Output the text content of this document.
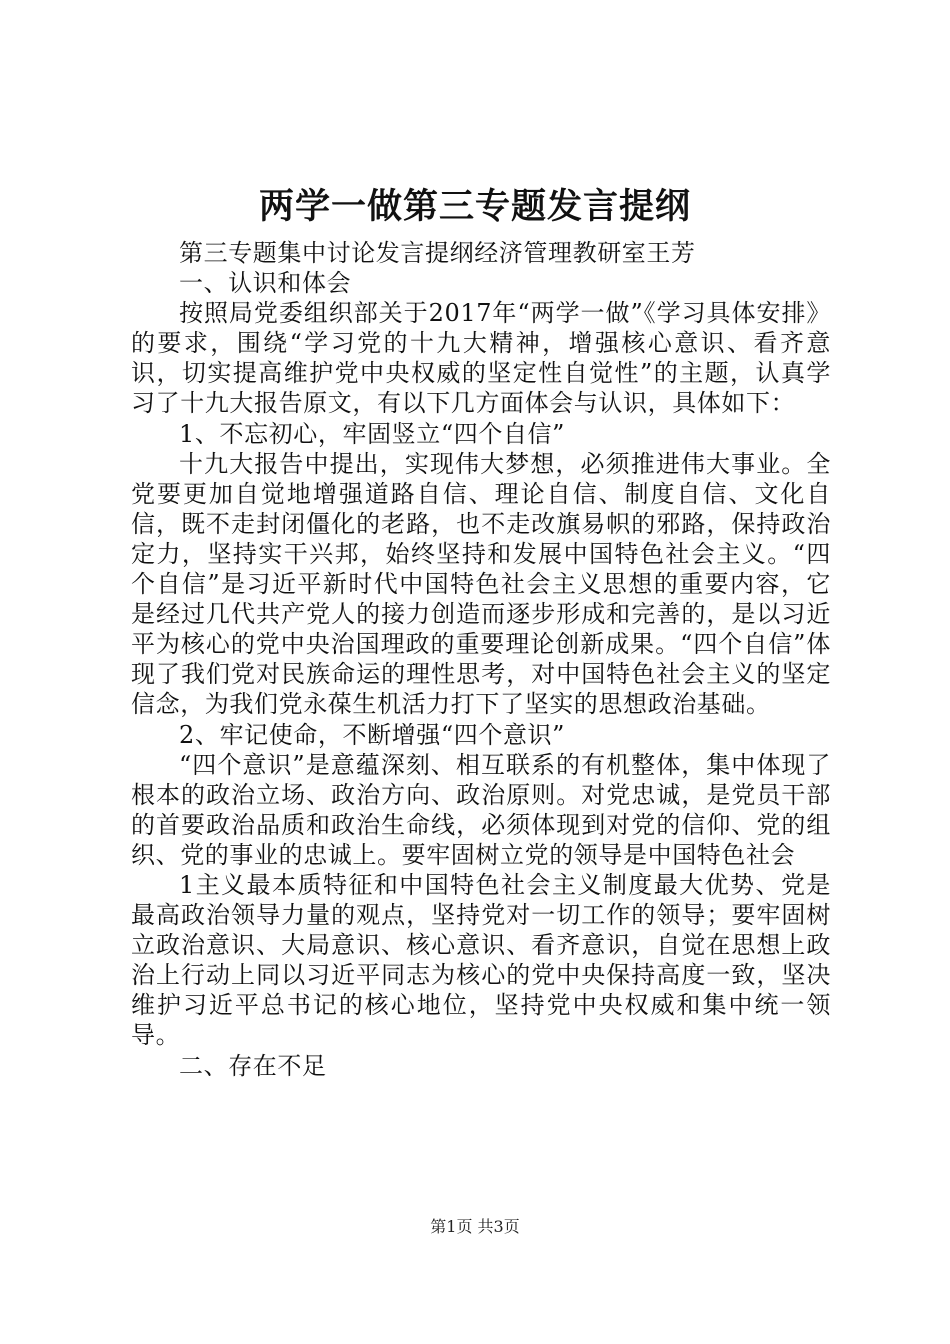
两学一做第三专题发言提纲

第三专题集中讨论发言提纲经济管理教研室王芳

一、认识和体会

按照局党委组织部关于2017年“两学一做”《学习具体安排》的要求，围绕“学习党的十九大精神，增强核心意识、看齐意识，切实提高维护党中央权威的坚定性自觉性”的主题，认真学习了十九大报告原文，有以下几方面体会与认识，具体如下：

1、不忘初心，牢固竖立“四个自信”

十九大报告中提出，实现伟大梦想，必须推进伟大事业。全党要更加自觉地增强道路自信、理论自信、制度自信、文化自信，既不走封闭僵化的老路，也不走改旗易帜的邪路，保持政治定力，坚持实干兴邦，始终坚持和发展中国特色社会主义。“四个自信”是习近平新时代中国特色社会主义思想的重要内容，它是经过几代共产党人的接力创造而逐步形成和完善的，是以习近平为核心的党中央治国理政的重要理论创新成果。“四个自信”体现了我们党对民族命运的理性思考，对中国特色社会主义的坚定信念，为我们党永葆生机活力打下了坚实的思想政治基础。

2、牢记使命，不断增强“四个意识”

“四个意识”是意蕴深刻、相互联系的有机整体，集中体现了根本的政治立场、政治方向、政治原则。对党忠诚，是党员干部的首要政治品质和政治生命线，必须体现到对党的信仰、党的组织、党的事业的忠诚上。要牢固树立党的领导是中国特色社会

1主义最本质特征和中国特色社会主义制度最大优势、党是最高政治领导力量的观点，坚持党对一切工作的领导；要牢固树立政治意识、大局意识、核心意识、看齐意识，自觉在思想上政治上行动上同以习近平同志为核心的党中央保持高度一致，坚决维护习近平总书记的核心地位，坚持党中央权威和集中统一领导。

二、存在不足

第1页 共3页
